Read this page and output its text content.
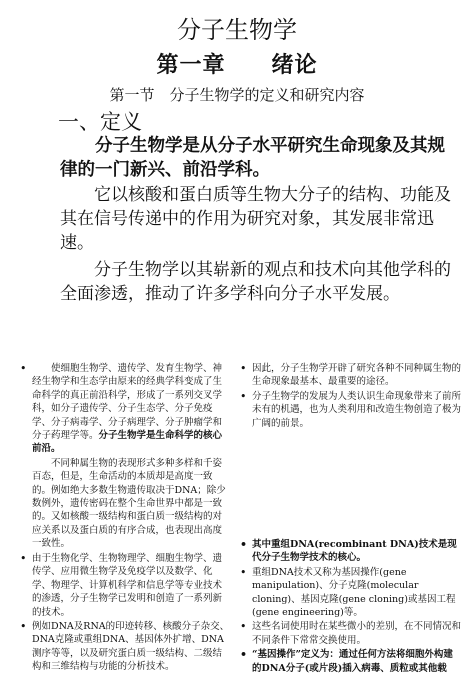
分子生物学
第一章　　绪论
第一节　分子生物学的定义和研究内容
一、定义

分子生物学是从分子水平研究生命现象及其规律的一门新兴、前沿学科。

它以核酸和蛋白质等生物大分子的结构、功能及其在信号传递中的作用为研究对象，其发展非常迅速。

分子生物学以其崭新的观点和技术向其他学科的全面渗透，推动了许多学科向分子水平发展。

• 使细胞生物学、遗传学、发育生物学、神经生物学和生态学由原来的经典学科变成了生命科学的真正前沿科学，形成了一系列交叉学科，如分子遗传学、分子生态学、分子免疫学、分子病毒学、分子病理学、分子肿瘤学和分子药理学等。分子生物学是生命科学的核心前沿。

不同种属生物的表现形式多种多样和千姿百态，但是，生命活动的本质却是高度一致的。例如绝大多数生物遗传取决于DNA；除少数例外，遗传密码在整个生命世界中都是一致的。又如核酸一级结构和蛋白质一级结构的对应关系以及蛋白质的有序合成，也表现出高度一致性。

• 因此，分子生物学开辟了研究各种不同种属生物的生命现象最基本、最重要的途径。
• 分子生物学的发展为人类认识生命现象带来了前所未有的机遇，也为人类利用和改造生物创造了极为广阔的前景。
• 其中重组DNA(recombinant DNA)技术是现代分子生物学技术的核心。
• 重组DNA技术又称为基因操作(gene manipulation)、分子克隆(molecular cloning)、基因克隆(gene cloning)或基因工程(gene engineering)等。
• 这些名词使用时在某些微小的差别，在不同情况和不同条件下常常交换使用。
• “基因操作”定义为：通过任何方法将细胞外构建的DNA分子(或片段)插入病毒、质粒或其他载
• 由于生物化学、生物物理学、细胞生物学、遗传学、应用微生物学及免疫学以及数学、化学、物理学、计算机科学和信息学等专业技术的渗透，分子生物学已发明和创造了一系列新的技术。
• 例如DNA及RNA的印迹转移、核酸分子杂交、DNA克隆或重组DNA、基因体外扩增、DNA测序等等，以及研究蛋白质一级结构、二级结构和三维结构与功能的分析技术。
